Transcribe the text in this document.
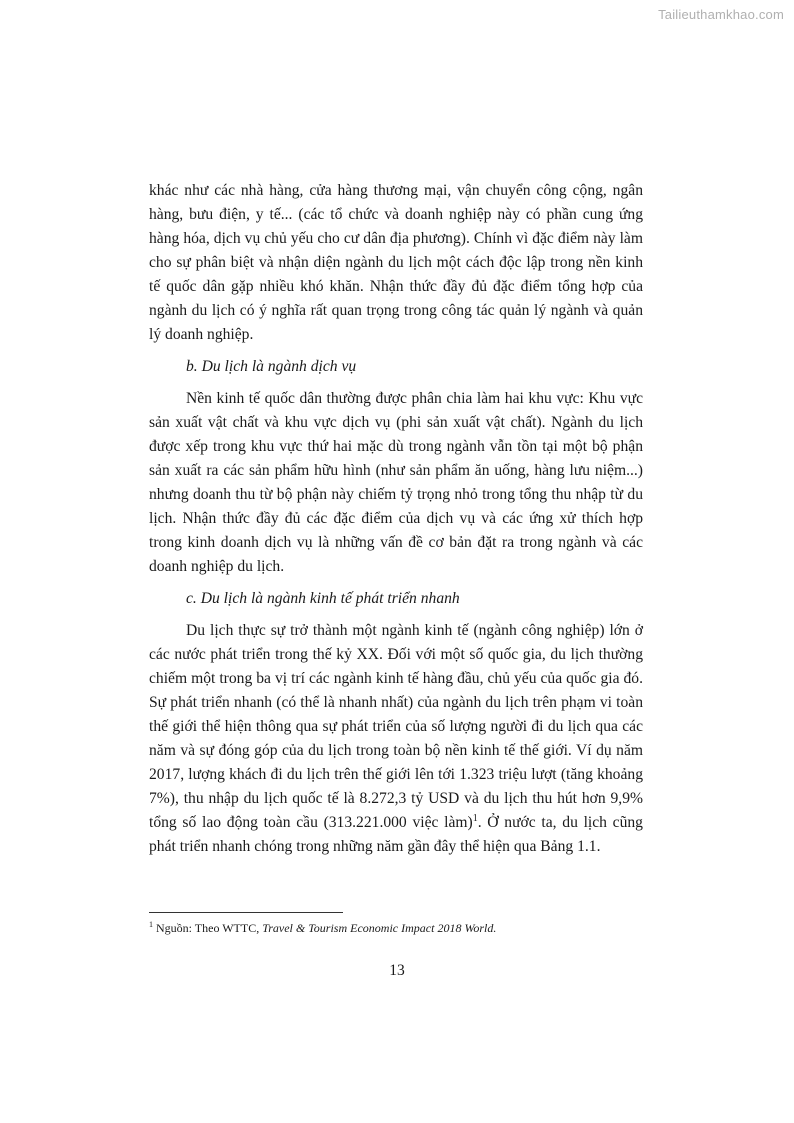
Tailieuthamkhao.com

khác như các nhà hàng, cửa hàng thương mại, vận chuyển công cộng, ngân hàng, bưu điện, y tế... (các tổ chức và doanh nghiệp này có phần cung ứng hàng hóa, dịch vụ chủ yếu cho cư dân địa phương). Chính vì đặc điểm này làm cho sự phân biệt và nhận diện ngành du lịch một cách độc lập trong nền kinh tế quốc dân gặp nhiều khó khăn. Nhận thức đầy đủ đặc điểm tổng hợp của ngành du lịch có ý nghĩa rất quan trọng trong công tác quản lý ngành và quản lý doanh nghiệp.

b. Du lịch là ngành dịch vụ

Nền kinh tế quốc dân thường được phân chia làm hai khu vực: Khu vực sản xuất vật chất và khu vực dịch vụ (phi sản xuất vật chất). Ngành du lịch được xếp trong khu vực thứ hai mặc dù trong ngành vẫn tồn tại một bộ phận sản xuất ra các sản phẩm hữu hình (như sản phẩm ăn uống, hàng lưu niệm...) nhưng doanh thu từ bộ phận này chiếm tỷ trọng nhỏ trong tổng thu nhập từ du lịch. Nhận thức đầy đủ các đặc điểm của dịch vụ và các ứng xử thích hợp trong kinh doanh dịch vụ là những vấn đề cơ bản đặt ra trong ngành và các doanh nghiệp du lịch.

c. Du lịch là ngành kinh tế phát triển nhanh

Du lịch thực sự trở thành một ngành kinh tế (ngành công nghiệp) lớn ở các nước phát triển trong thế kỷ XX. Đối với một số quốc gia, du lịch thường chiếm một trong ba vị trí các ngành kinh tế hàng đầu, chủ yếu của quốc gia đó. Sự phát triển nhanh (có thể là nhanh nhất) của ngành du lịch trên phạm vi toàn thế giới thể hiện thông qua sự phát triển của số lượng người đi du lịch qua các năm và sự đóng góp của du lịch trong toàn bộ nền kinh tế thế giới. Ví dụ năm 2017, lượng khách đi du lịch trên thế giới lên tới 1.323 triệu lượt (tăng khoảng 7%), thu nhập du lịch quốc tế là 8.272,3 tỷ USD và du lịch thu hút hơn 9,9% tổng số lao động toàn cầu (313.221.000 việc làm)$^1$. Ở nước ta, du lịch cũng phát triển nhanh chóng trong những năm gần đây thể hiện qua Bảng 1.1.

$^1$ Nguồn: Theo WTTC, Travel & Tourism Economic Impact 2018 World.
13
